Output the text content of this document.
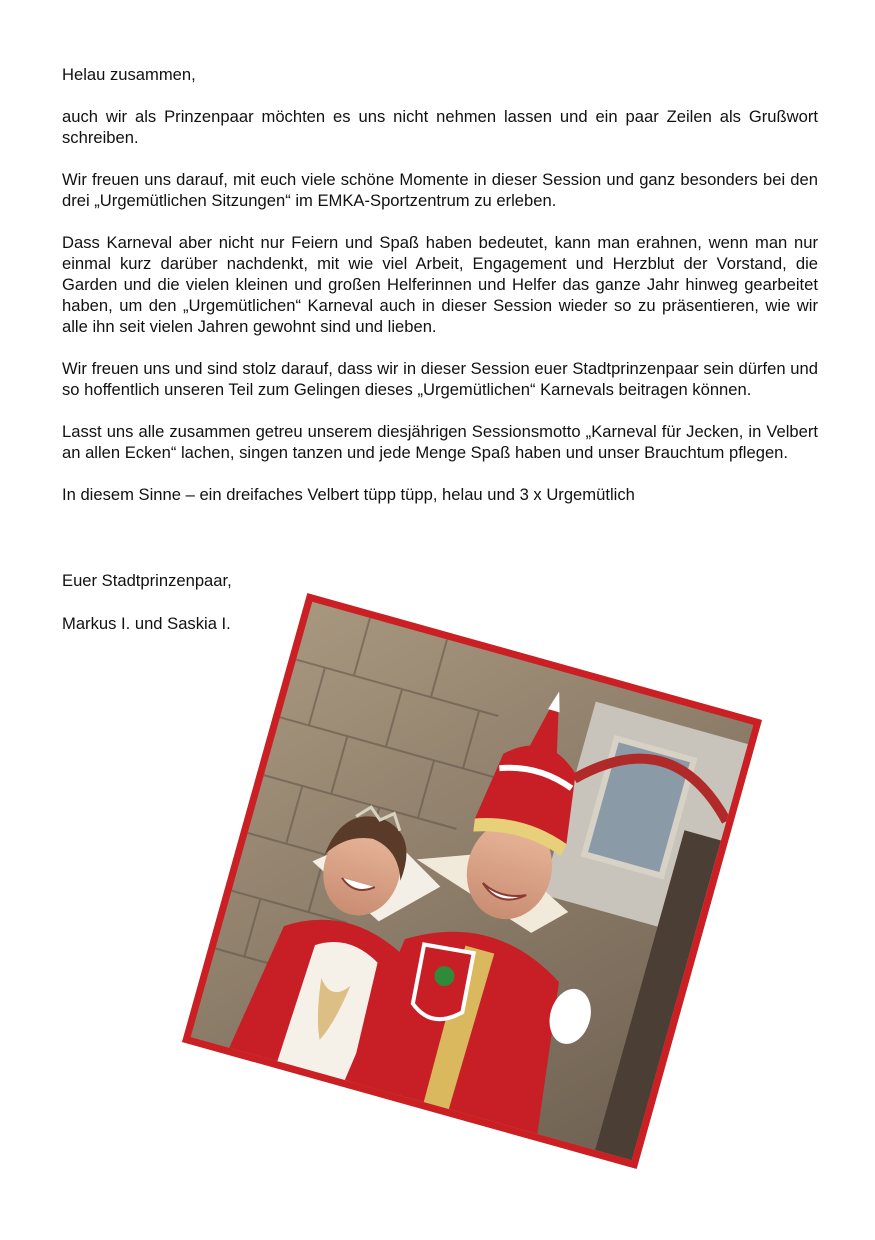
Helau zusammen,

auch wir als Prinzenpaar möchten es uns nicht nehmen lassen und ein paar Zeilen als Grußwort schreiben.

Wir freuen uns darauf, mit euch viele schöne Momente in dieser Session und ganz besonders bei den drei „Urgemütlichen Sitzungen“ im EMKA-Sportzentrum zu erleben.

Dass Karneval aber nicht nur Feiern und Spaß haben bedeutet, kann man erahnen, wenn man nur einmal kurz darüber nachdenkt, mit wie viel Arbeit, Engagement und Herzblut der Vorstand, die Garden und die vielen kleinen und großen Helferinnen und Helfer das ganze Jahr hinweg gearbeitet haben, um den „Urgemütlichen“ Karneval auch in dieser Session wieder so zu präsentieren, wie wir alle ihn seit vielen Jahren gewohnt sind und lieben.

Wir freuen uns und sind stolz darauf, dass wir in dieser Session euer Stadtprinzenpaar sein dürfen und so hoffentlich unseren Teil zum Gelingen dieses „Urgemütlichen“ Karnevals beitragen können.

Lasst uns alle zusammen getreu unserem diesjährigen Sessionsmotto „Karneval für Jecken, in Velbert an allen Ecken“ lachen, singen tanzen und jede Menge Spaß haben und unser Brauchtum pflegen.

In diesem Sinne – ein dreifaches Velbert tüpp tüpp, helau und 3 x Urgemütlich

Euer Stadtprinzenpaar,

Markus I. und Saskia I.
